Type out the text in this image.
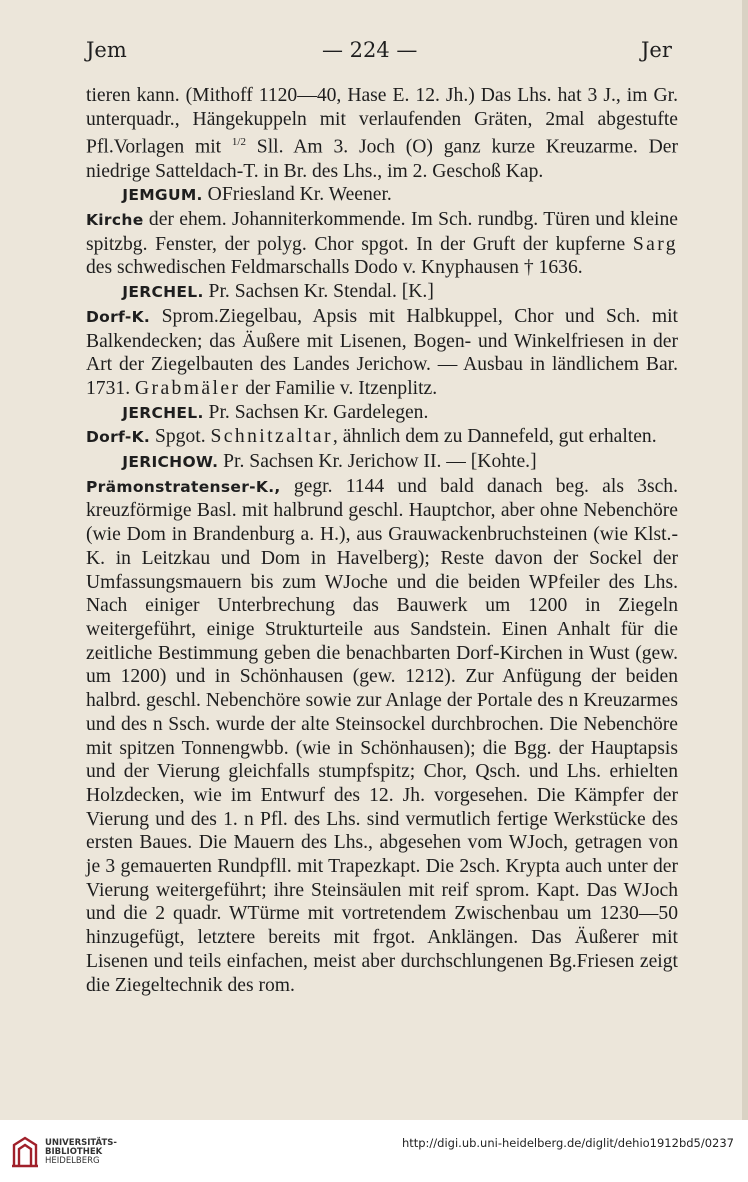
Jem	— 224 —	Jer

tieren kann. (Mithoff 1120—40, Hase E. 12. Jh.) Das Lhs. hat 3 J., im Gr. unterquadr., Hängekuppeln mit verlaufenden Gräten, 2mal abgestufte Pfl.Vorlagen mit $^{1/2}$ Sll. Am 3. Joch (O) ganz kurze Kreuzarme. Der niedrige Satteldach-T. in Br. des Lhs., im 2. Geschoß Kap.

JEMGUM. OFriesland Kr. Weener.

Kirche der ehem. Johanniterkommende. Im Sch. rundbg. Türen und kleine spitzbg. Fenster, der polyg. Chor spgot. In der Gruft der kupferne Sarg des schwedischen Feldmarschalls Dodo v. Knyphausen † 1636.

JERCHEL. Pr. Sachsen Kr. Stendal. [K.]

Dorf-K. Sprom.Ziegelbau, Apsis mit Halbkuppel, Chor und Sch. mit Balkendecken; das Äußere mit Lisenen, Bogen- und Winkelfriesen in der Art der Ziegelbauten des Landes Jerichow. — Ausbau in ländlichem Bar. 1731. Grabmäler der Familie v. Itzenplitz.

JERCHEL. Pr. Sachsen Kr. Gardelegen.

Dorf-K. Spgot. Schnitzaltar, ähnlich dem zu Dannefeld, gut erhalten.

JERICHOW. Pr. Sachsen Kr. Jerichow II. — [Kohte.]

Prämonstratenser-K., gegr. 1144 und bald danach beg. als 3sch. kreuzförmige Basl. mit halbrund geschl. Hauptchor, aber ohne Nebenchöre (wie Dom in Brandenburg a. H.), aus Grauwackenbruchsteinen (wie Klst.-K. in Leitzkau und Dom in Havelberg); Reste davon der Sockel der Umfassungsmauern bis zum WJoche und die beiden WPfeiler des Lhs. Nach einiger Unterbrechung das Bauwerk um 1200 in Ziegeln weitergeführt, einige Strukturteile aus Sandstein. Einen Anhalt für die zeitliche Bestimmung geben die benachbarten Dorf-Kirchen in Wust (gew. um 1200) und in Schönhausen (gew. 1212). Zur Anfügung der beiden halbrd. geschl. Nebenchöre sowie zur Anlage der Portale des n Kreuzarmes und des n Ssch. wurde der alte Steinsockel durchbrochen. Die Nebenchöre mit spitzen Tonnengwbb. (wie in Schönhausen); die Bgg. der Hauptapsis und der Vierung gleichfalls stumpfspitz; Chor, Qsch. und Lhs. erhielten Holzdecken, wie im Entwurf des 12. Jh. vorgesehen. Die Kämpfer der Vierung und des 1. n Pfl. des Lhs. sind vermutlich fertige Werkstücke des ersten Baues. Die Mauern des Lhs., abgesehen vom WJoch, getragen von je 3 gemauerten Rundpfll. mit Trapezkapt. Die 2sch. Krypta auch unter der Vierung weitergeführt; ihre Steinsäulen mit reif sprom. Kapt. Das WJoch und die 2 quadr. WTürme mit vortretendem Zwischenbau um 1230—50 hinzugefügt, letztere bereits mit frgot. Anklängen. Das Äußerer mit Lisenen und teils einfachen, meist aber durchschlungenen Bg.Friesen zeigt die Ziegeltechnik des rom.

UNIVERSITÄTS-
BIBLIOTHEK
HEIDELBERG
http://digi.ub.uni-heidelberg.de/diglit/dehio1912bd5/0237
